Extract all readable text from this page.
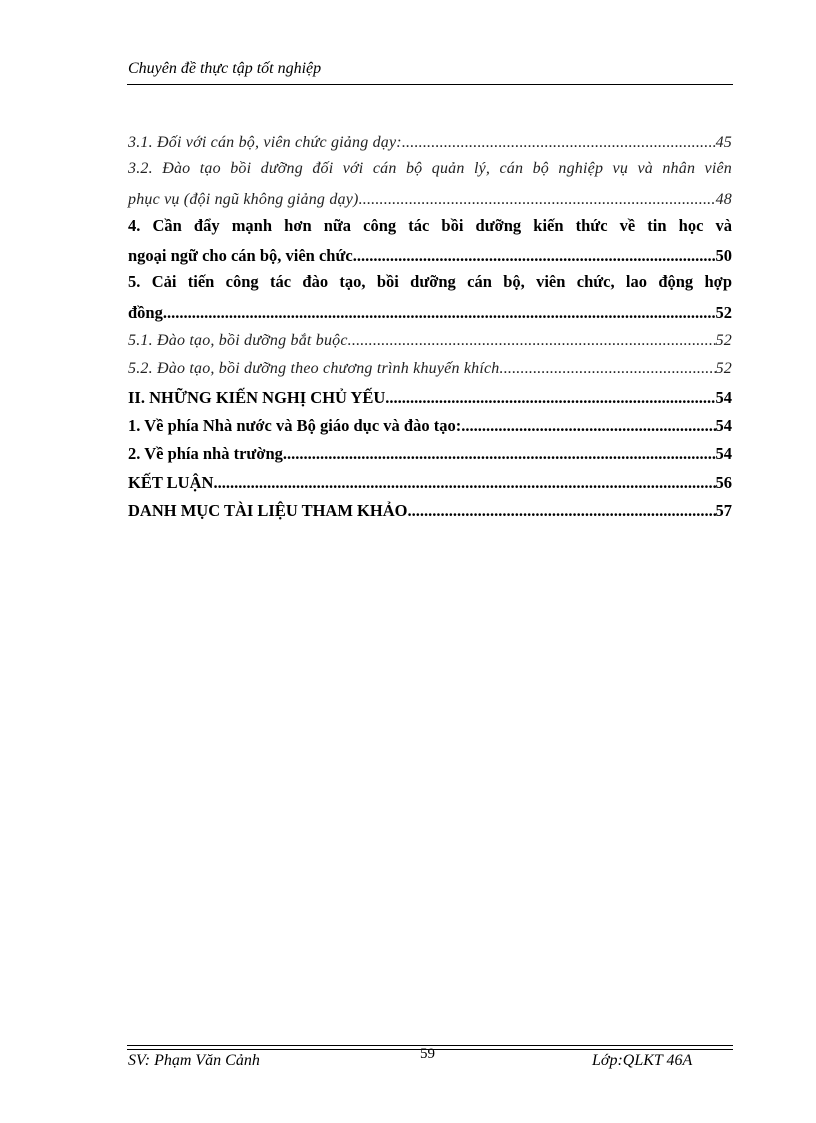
Chuyên đề thực tập tốt nghiệp
3.1. Đối với cán bộ, viên chức giảng dạy: .....	45
3.2. Đào tạo bồi dưỡng đối với cán bộ quản lý, cán bộ nghiệp vụ và nhân viên
phục vụ (đội ngũ không giảng dạy) .....	48
4. Cần đẩy mạnh hơn nữa công tác bồi dưỡng kiến thức về tin học và
ngoại ngữ cho cán bộ, viên chức .....	50
5. Cải tiến công tác đào tạo, bồi dưỡng cán bộ, viên chức, lao động hợp
đồng. .....	52
5.1. Đào tạo, bồi dưỡng bắt buộc .....	52
5.2. Đào tạo, bồi dưỡng theo chương trình khuyến khích .....	52
II. NHỮNG KIẾN NGHỊ CHỦ YẾU .....	54
1. Về phía Nhà nước và Bộ giáo dục và đào tạo: .....	54
2. Về phía nhà trường .....	54
KẾT LUẬN .....	56
DANH MỤC TÀI LIỆU THAM KHẢO .....	57
SV: Phạm Văn Cảnh	59	Lớp:QLKT 46A
